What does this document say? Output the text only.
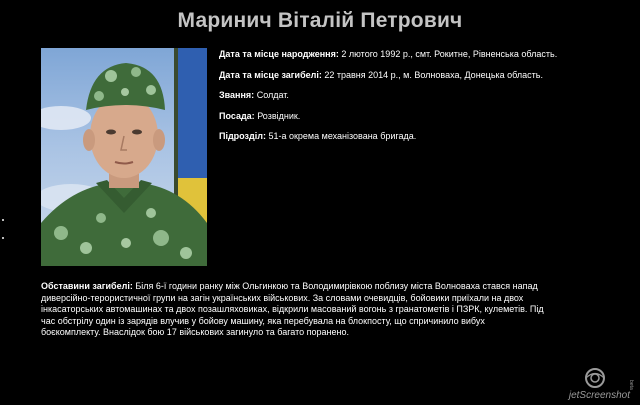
Маринич Віталій Петрович
Дата та місце народження: 2 лютого 1992 р., смт. Рокитне, Рівненська область.
Дата та місце загибелі: 22 травня 2014 р., м. Волноваха, Донецька область.
Звання: Солдат.
Посада: Розвідник.
Підрозділ: 51-а окрема механізована бригада.
Обставини загибелі: Біля 6-ї години ранку між Ольгинкою та Володимирівкою поблизу міста Волноваха стався напад диверсійно-терористичної групи на загін українських військових. За словами очевидців, бойовики приїхали на двох інкасаторських автомашинах та двох позашляховиках, відкрили масований вогонь з гранатометів і ПЗРК, кулеметів. Під час обстрілу один із зарядів влучив у бойову машину, яка перебувала на блокпосту, що спричинило вибух боєкомплекту. Внаслідок бою 17 військових загинуло та багато поранено.
beta
jetScreenshot
